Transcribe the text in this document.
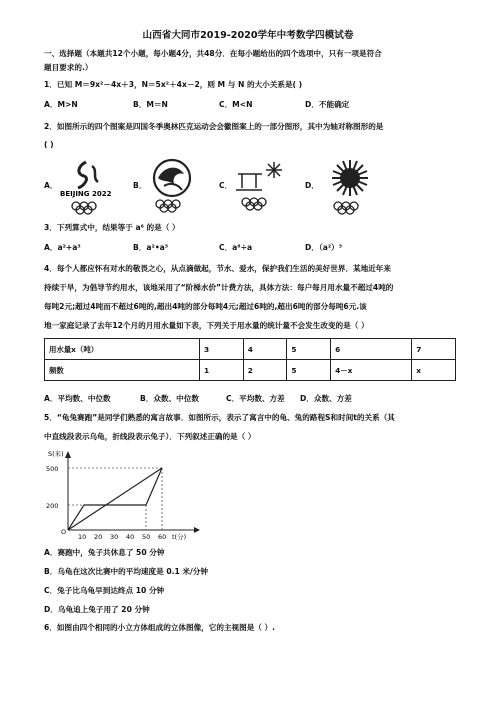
山西省大同市2019-2020学年中考数学四模试卷
一、选择题（本题共12个小题，每小题4分，共48分．在每小题给出的四个选项中，只有一项是符合
题目要求的.）
1．已知 M＝9x²－4x＋3，N＝5x²＋4x－2，则 M 与 N 的大小关系是( )
A．M>N	B．M＝N	C．M<N	D．不能确定
2．如图所示的四个图案是四国冬季奥林匹克运动会会徽图案上的一部分图形，其中为轴对称图形的是
( )
A．
BEIJING 2022
B．	C．	D．
3．下列算式中，结果等于 a⁶ 的是（ ）
A．a²+a³	B．a²•a³	C．a⁸÷a	D．（a²）³
4．每个人都应怀有对水的敬畏之心，从点滴做起，节水、爱水，保护我们生活的美好世界．某地近年来
持续干旱，为倡导节约用水，该地采用了“阶梯水价”计费方法，具体方法：每户每月用水量不超过4吨的
每吨2元;超过4吨而不超过6吨的,超出4吨的部分每吨4元;超过6吨的,超出6吨的部分每吨6元.该
地一家庭记录了去年12个月的月用水量如下表，下列关于用水量的统计量不会发生改变的是（ ）
用水量x（吨）	3	4	5	6	7
频数	1	2	5	4－x	x
A．平均数、中位数	B．众数、中位数	C．平均数、方差 D．众数、方差
5．“龟兔赛跑”是同学们熟悉的寓言故事．如图所示，表示了寓言中的龟、兔的路程S和时间t的关系（其
中直线段表示乌龟，折线段表示兔子）．下列叙述正确的是（ ）
S(米)
500
200
O
10 20 30 40 50 60 t(分)
A．赛跑中，兔子共休息了 50 分钟
B．乌龟在这次比赛中的平均速度是 0.1 米/分钟
C．兔子比乌龟早到达终点 10 分钟
D．乌龟追上兔子用了 20 分钟
6．如图由四个相同的小立方体组成的立体图像，它的主视图是（ ）.
